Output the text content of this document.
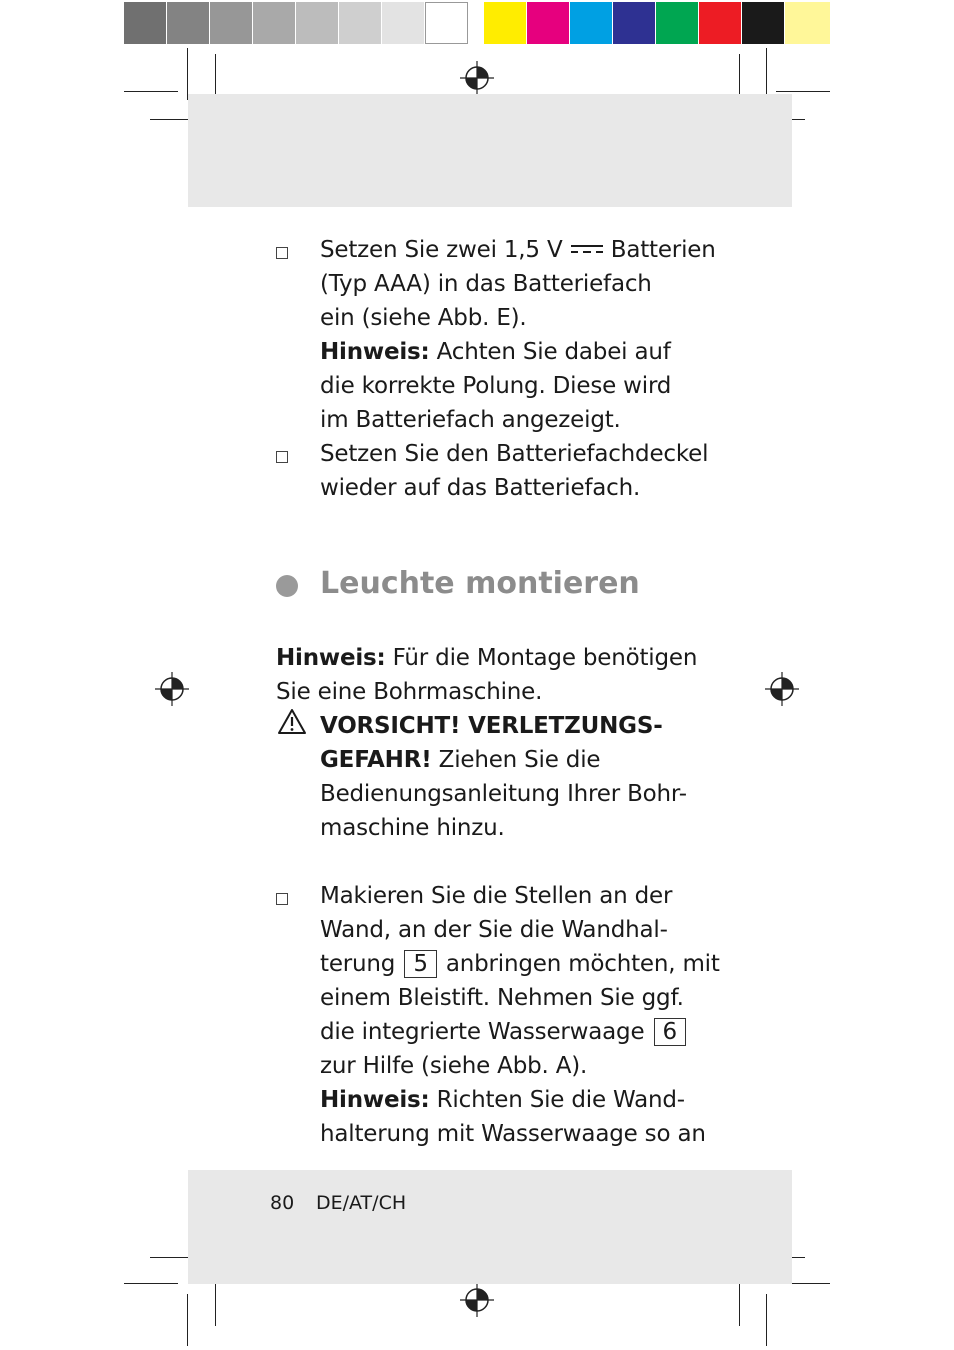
Setzen Sie zwei 1,5 V Batterien
(Typ AAA) in das Batteriefach
ein (siehe Abb. E).
Hinweis: Achten Sie dabei auf
die korrekte Polung. Diese wird
im Batteriefach angezeigt.
Setzen Sie den Batteriefachdeckel
wieder auf das Batteriefach.
Leuchte montieren
Hinweis: Für die Montage benötigen
Sie eine Bohrmaschine.
VORSICHT! VERLETZUNGS-
GEFAHR! Ziehen Sie die
Bedienungsanleitung Ihrer Bohr-
maschine hinzu.
Makieren Sie die Stellen an der
Wand, an der Sie die Wandhal-
terung 5 anbringen möchten, mit
einem Bleistift. Nehmen Sie ggf.
die integrierte Wasserwaage 6
zur Hilfe (siehe Abb. A).
Hinweis: Richten Sie die Wand-
halterung mit Wasserwaage so an
80 DE/AT/CH
